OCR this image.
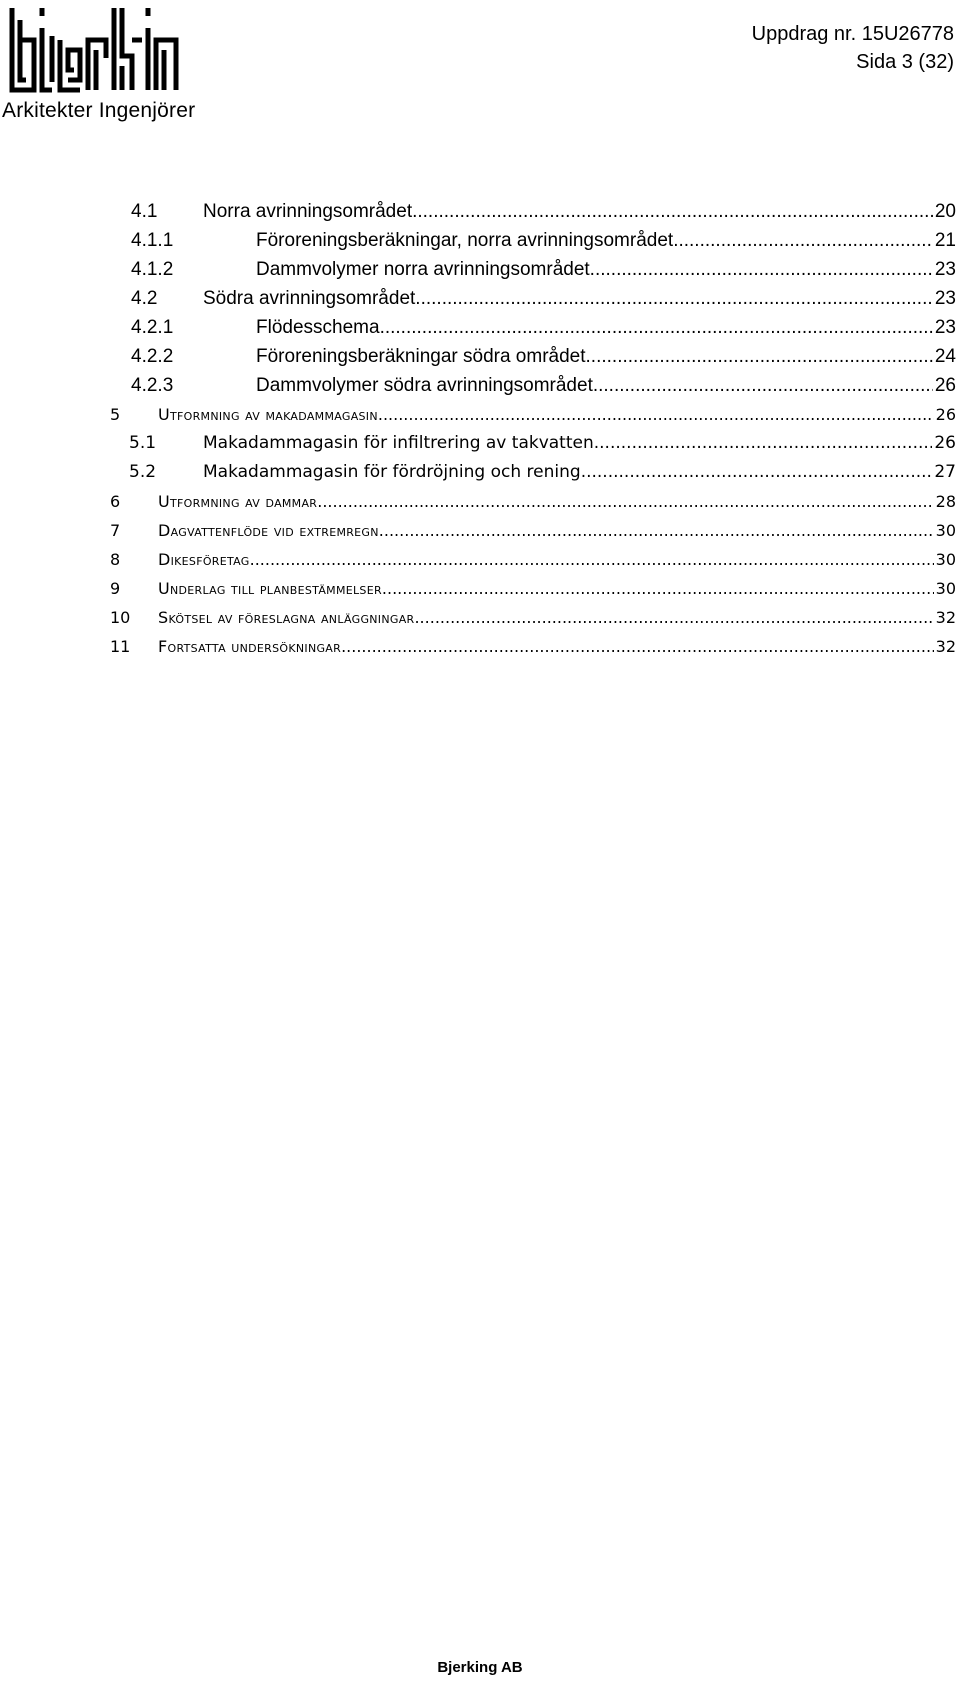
Arkitekter Ingenjörer
Uppdrag nr. 15U26778
Sida 3 (32)
4.1 Norra avrinningsområdet .....	20
4.1.1	Föroreningsberäkningar, norra avrinningsområdet .....	21
4.1.2	Dammvolymer norra avrinningsområdet .....	23
4.2 Södra avrinningsområdet .....	23
4.2.1	Flödesschema .....	23
4.2.2	Föroreningsberäkningar södra området .....	24
4.2.3	Dammvolymer södra avrinningsområdet .....	26
5 Utformning av makadammagasin .....	26
5.1	Makadammagasin för infiltrering av takvatten .....	26
5.2	Makadammagasin för fördröjning och rening .....	27
6 Utformning av dammar .....	28
7 Dagvattenflöde vid extremregn .....	30
8 Dikesföretag .....	30
9 Underlag till planbestämmelser .....	30
10 Skötsel av föreslagna anläggningar .....	32
11 Fortsatta undersökningar .....	32
Bjerking AB
